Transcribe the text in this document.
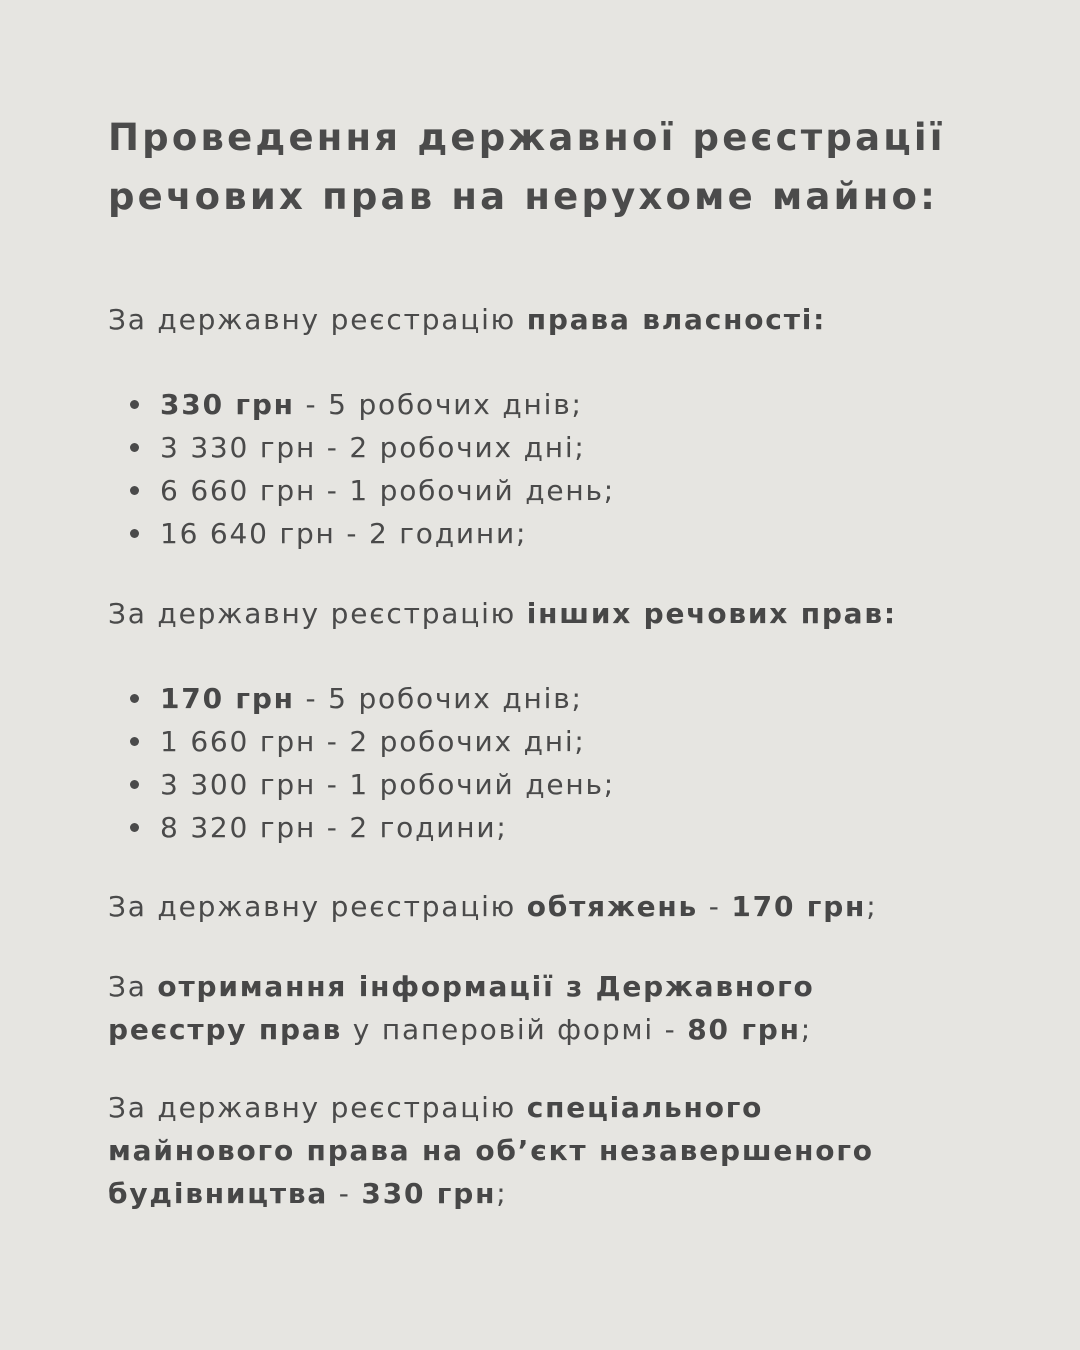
Проведення державної реєстрації
речових прав на нерухоме майно:

За державну реєстрацію права власності:

330 грн - 5 робочих днів;
3 330 грн - 2 робочих дні;
6 660 грн - 1 робочий день;
16 640 грн - 2 години;

За державну реєстрацію інших речових прав:

170 грн - 5 робочих днів;
1 660 грн - 2 робочих дні;
3 300 грн - 1 робочий день;
8 320 грн - 2 години;

За державну реєстрацію обтяжень - 170 грн;

За отримання інформації з Державного
реєстру прав у паперовій формі - 80 грн;

За державну реєстрацію спеціального
майнового права на об’єкт незавершеного
будівництва - 330 грн;
